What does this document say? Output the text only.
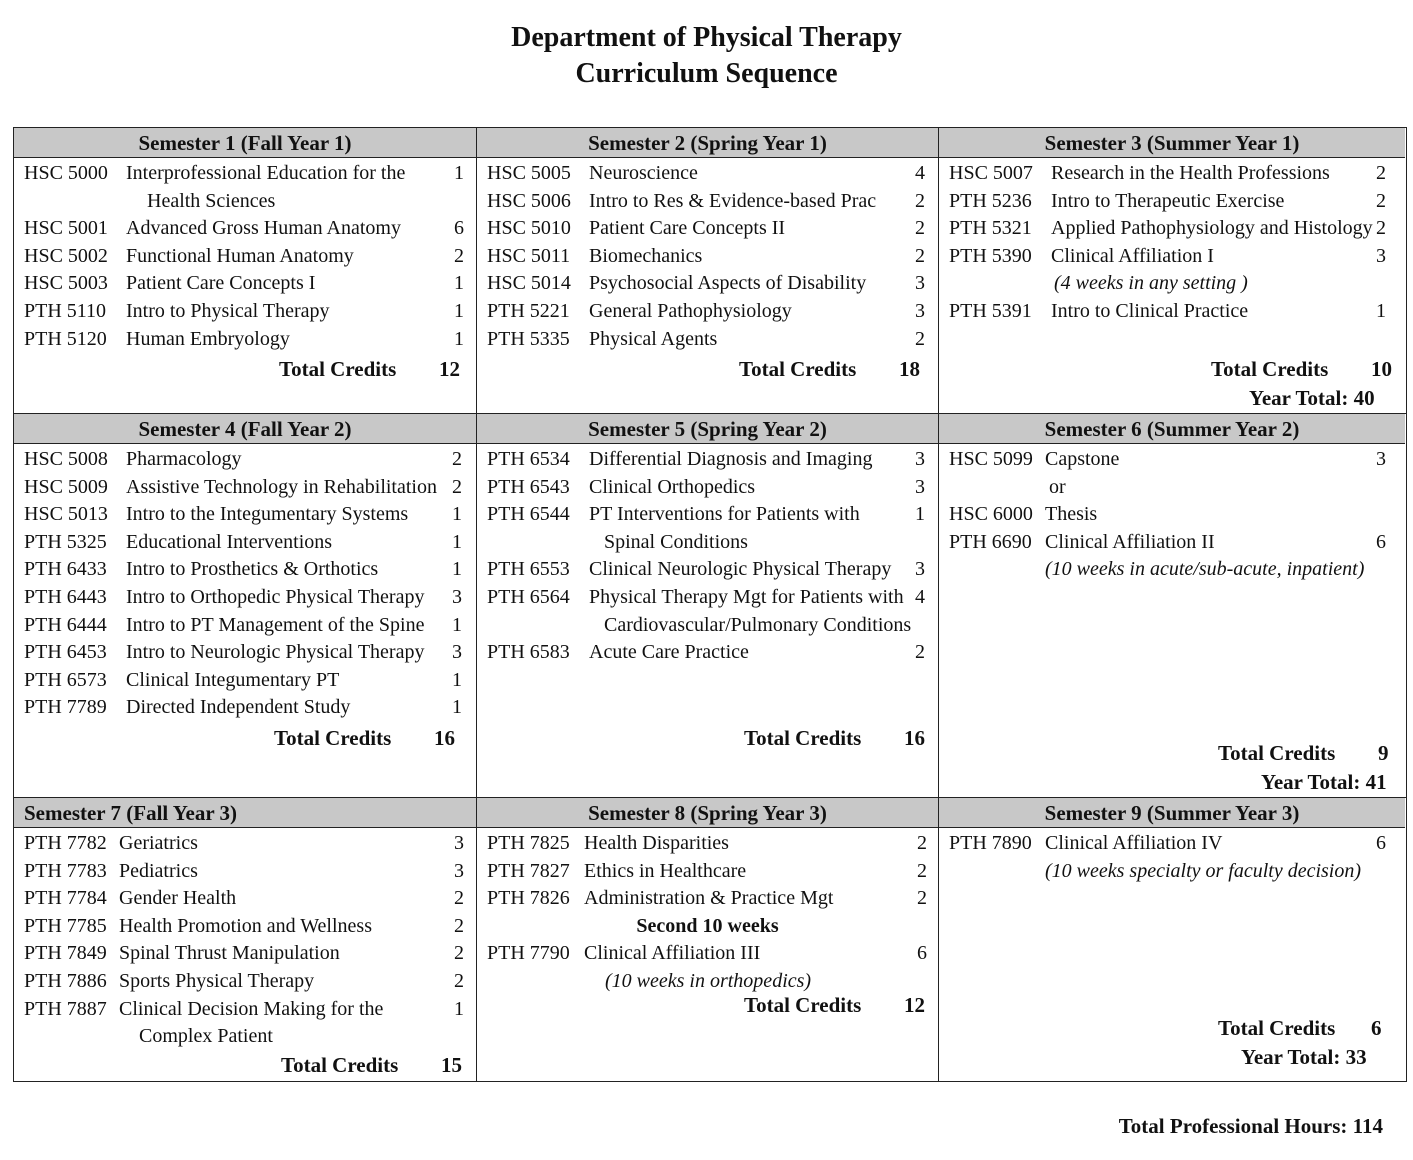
Department of Physical Therapy
Curriculum Sequence
Semester 1 (Fall Year 1)
HSC 5000 Interprofessional Education for the 1
Health Sciences
HSC 5001 Advanced Gross Human Anatomy	6
HSC 5002 Functional Human Anatomy	2
HSC 5003 Patient Care Concepts I	1
PTH 5110 Intro to Physical Therapy	1
PTH 5120 Human Embryology	1
Total Credits 12
Semester 2 (Spring Year 1)
HSC 5005 Neuroscience	4
HSC 5006 Intro to Res & Evidence-based Prac 2
HSC 5010 Patient Care Concepts II	2
HSC 5011 Biomechanics	2
HSC 5014 Psychosocial Aspects of Disability 3
PTH 5221 General Pathophysiology	3
PTH 5335 Physical Agents	2
Total Credits 18
Semester 3 (Summer Year 1)
HSC 5007 Research in the Health Professions 2
PTH 5236 Intro to Therapeutic Exercise	2
PTH 5321 Applied Pathophysiology and Histology 2
PTH 5390 Clinical Affiliation I	3
(4 weeks in any setting )
PTH 5391 Intro to Clinical Practice	1
Total Credits 10
Year Total: 40
Semester 4 (Fall Year 2)
HSC 5008 Pharmacology	2
HSC 5009 Assistive Technology in Rehabilitation 2
HSC 5013 Intro to the Integumentary Systems 1
PTH 5325 Educational Interventions	1
PTH 6433 Intro to Prosthetics & Orthotics	1
PTH 6443 Intro to Orthopedic Physical Therapy 3
PTH 6444 Intro to PT Management of the Spine 1
PTH 6453 Intro to Neurologic Physical Therapy 3
PTH 6573 Clinical Integumentary PT	1
PTH 7789 Directed Independent Study	1
Total Credits 16
Semester 5 (Spring Year 2)
PTH 6534 Differential Diagnosis and Imaging 3
PTH 6543 Clinical Orthopedics	3
PTH 6544 PT Interventions for Patients with	1
Spinal Conditions
PTH 6553 Clinical Neurologic Physical Therapy 3
PTH 6564 Physical Therapy Mgt for Patients with 4
Cardiovascular/Pulmonary Conditions
PTH 6583 Acute Care Practice	2
Total Credits 16
Semester 6 (Summer Year 2)
HSC 5099 Capstone	3
or
HSC 6000 Thesis
PTH 6690 Clinical Affiliation II	6
(10 weeks in acute/sub-acute, inpatient)
Total Credits 9
Year Total: 41
Semester 7 (Fall Year 3)
PTH 7782 Geriatrics	3
PTH 7783 Pediatrics	3
PTH 7784 Gender Health	2
PTH 7785 Health Promotion and Wellness	2
PTH 7849 Spinal Thrust Manipulation	2
PTH 7886 Sports Physical Therapy	2
PTH 7887 Clinical Decision Making for the	1
Complex Patient
Total Credits 15
Semester 8 (Spring Year 3)
PTH 7825 Health Disparities	2
PTH 7827 Ethics in Healthcare	2
PTH 7826 Administration & Practice Mgt	2
Second 10 weeks
PTH 7790 Clinical Affiliation III	6
(10 weeks in orthopedics)
Total Credits 12
Semester 9 (Summer Year 3)
PTH 7890 Clinical Affiliation IV	6
(10 weeks specialty or faculty decision)
Total Credits 6
Year Total: 33
Total Professional Hours: 114
